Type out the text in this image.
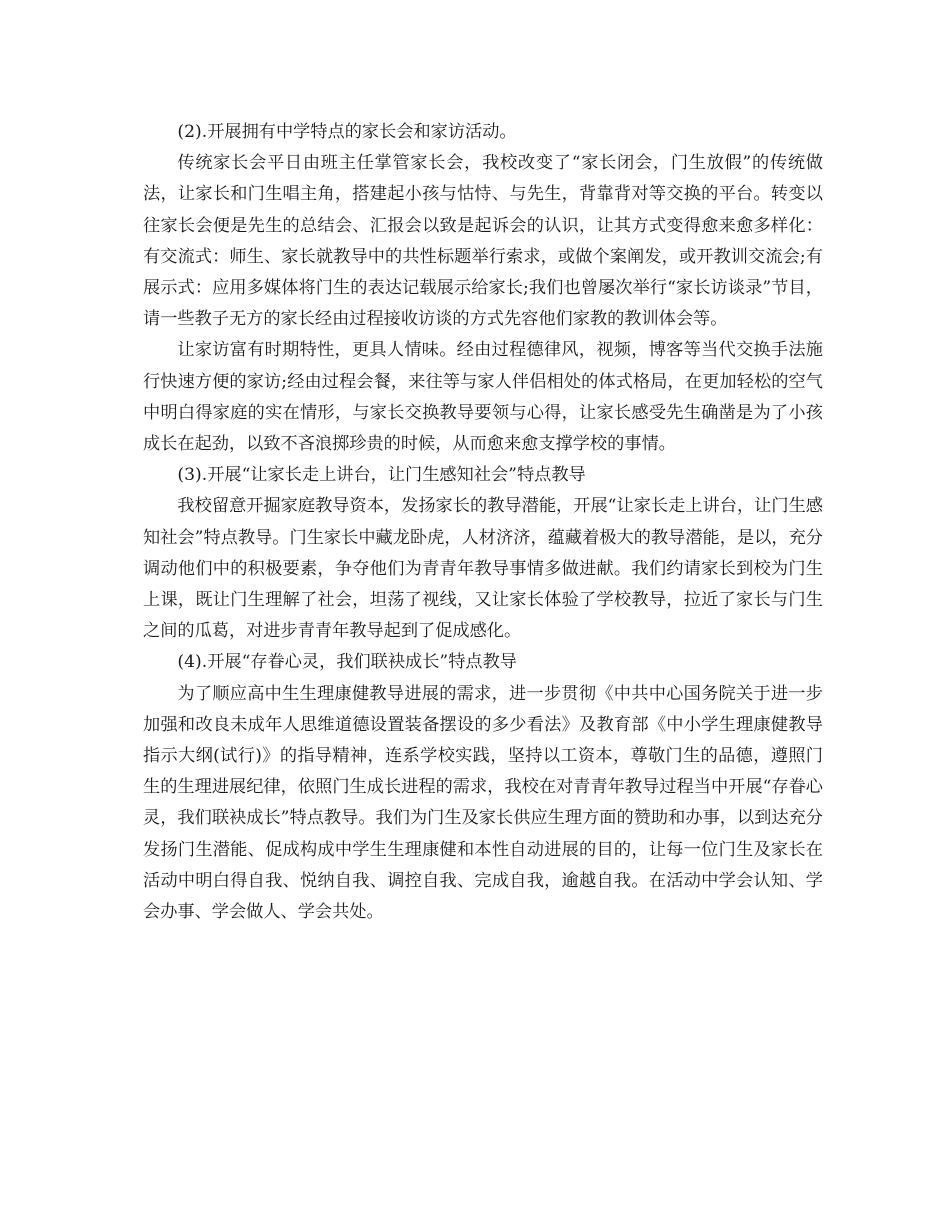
(2).开展拥有中学特点的家长会和家访活动。

传统家长会平日由班主任掌管家长会，我校改变了“家长闭会，门生放假”的传统做法，让家长和门生唱主角，搭建起小孩与怙恃、与先生，背靠背对等交换的平台。转变以往家长会便是先生的总结会、汇报会以致是起诉会的认识，让其方式变得愈来愈多样化：有交流式：师生、家长就教导中的共性标题举行索求，或做个案阐发，或开教训交流会;有展示式：应用多媒体将门生的表达记载展示给家长;我们也曾屡次举行“家长访谈录”节目，请一些教子无方的家长经由过程接收访谈的方式先容他们家教的教训体会等。

让家访富有时期特性，更具人情味。经由过程德律风，视频，博客等当代交换手法施行快速方便的家访;经由过程会餐，来往等与家人伴侣相处的体式格局，在更加轻松的空气中明白得家庭的实在情形，与家长交换教导要领与心得，让家长感受先生确凿是为了小孩成长在起劲，以致不吝浪掷珍贵的时候，从而愈来愈支撑学校的事情。

(3).开展“让家长走上讲台，让门生感知社会”特点教导

我校留意开掘家庭教导资本，发扬家长的教导潜能，开展“让家长走上讲台，让门生感知社会”特点教导。门生家长中藏龙卧虎，人材济济，蕴藏着极大的教导潜能，是以，充分调动他们中的积极要素，争夺他们为青青年教导事情多做进献。我们约请家长到校为门生上课，既让门生理解了社会，坦荡了视线，又让家长体验了学校教导，拉近了家长与门生之间的瓜葛，对进步青青年教导起到了促成感化。

(4).开展“存眷心灵，我们联袂成长”特点教导

为了顺应高中生生理康健教导进展的需求，进一步贯彻《中共中心国务院关于进一步加强和改良未成年人思维道德设置装备摆设的多少看法》及教育部《中小学生理康健教导指示大纲(试行)》的指导精神，连系学校实践，坚持以工资本，尊敬门生的品德，遵照门生的生理进展纪律，依照门生成长进程的需求，我校在对青青年教导过程当中开展“存眷心灵，我们联袂成长”特点教导。我们为门生及家长供应生理方面的赞助和办事，以到达充分发扬门生潜能、促成构成中学生生理康健和本性自动进展的目的，让每一位门生及家长在活动中明白得自我、悦纳自我、调控自我、完成自我，逾越自我。在活动中学会认知、学会办事、学会做人、学会共处。
